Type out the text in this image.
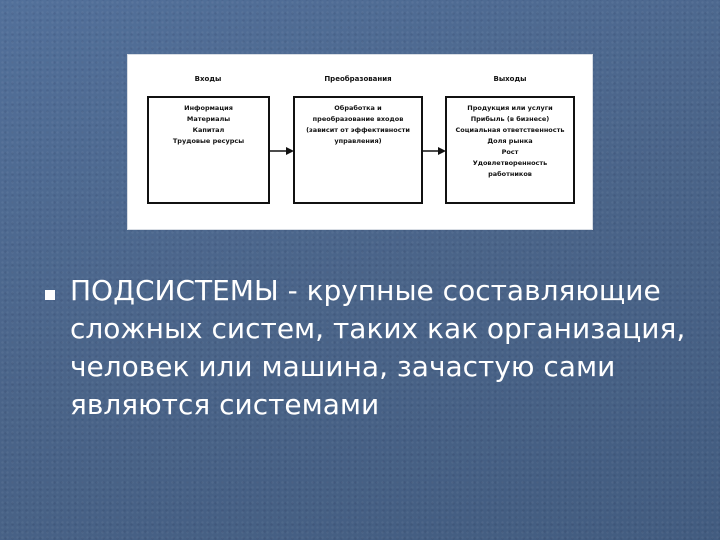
Входы	Преобразования	Выходы
Информация
Материалы
Капитал
Трудовые ресурсы
Обработка и
преобразование входов
(зависит от эффективности
управления)
Продукция или услуги
Прибыль (в бизнесе)
Социальная ответственность
Доля рынка
Рост
Удовлетворенность
работников

ПОДСИСТЕМЫ - крупные составляющие сложных систем, таких как организация, человек или машина, зачастую сами являются системами
